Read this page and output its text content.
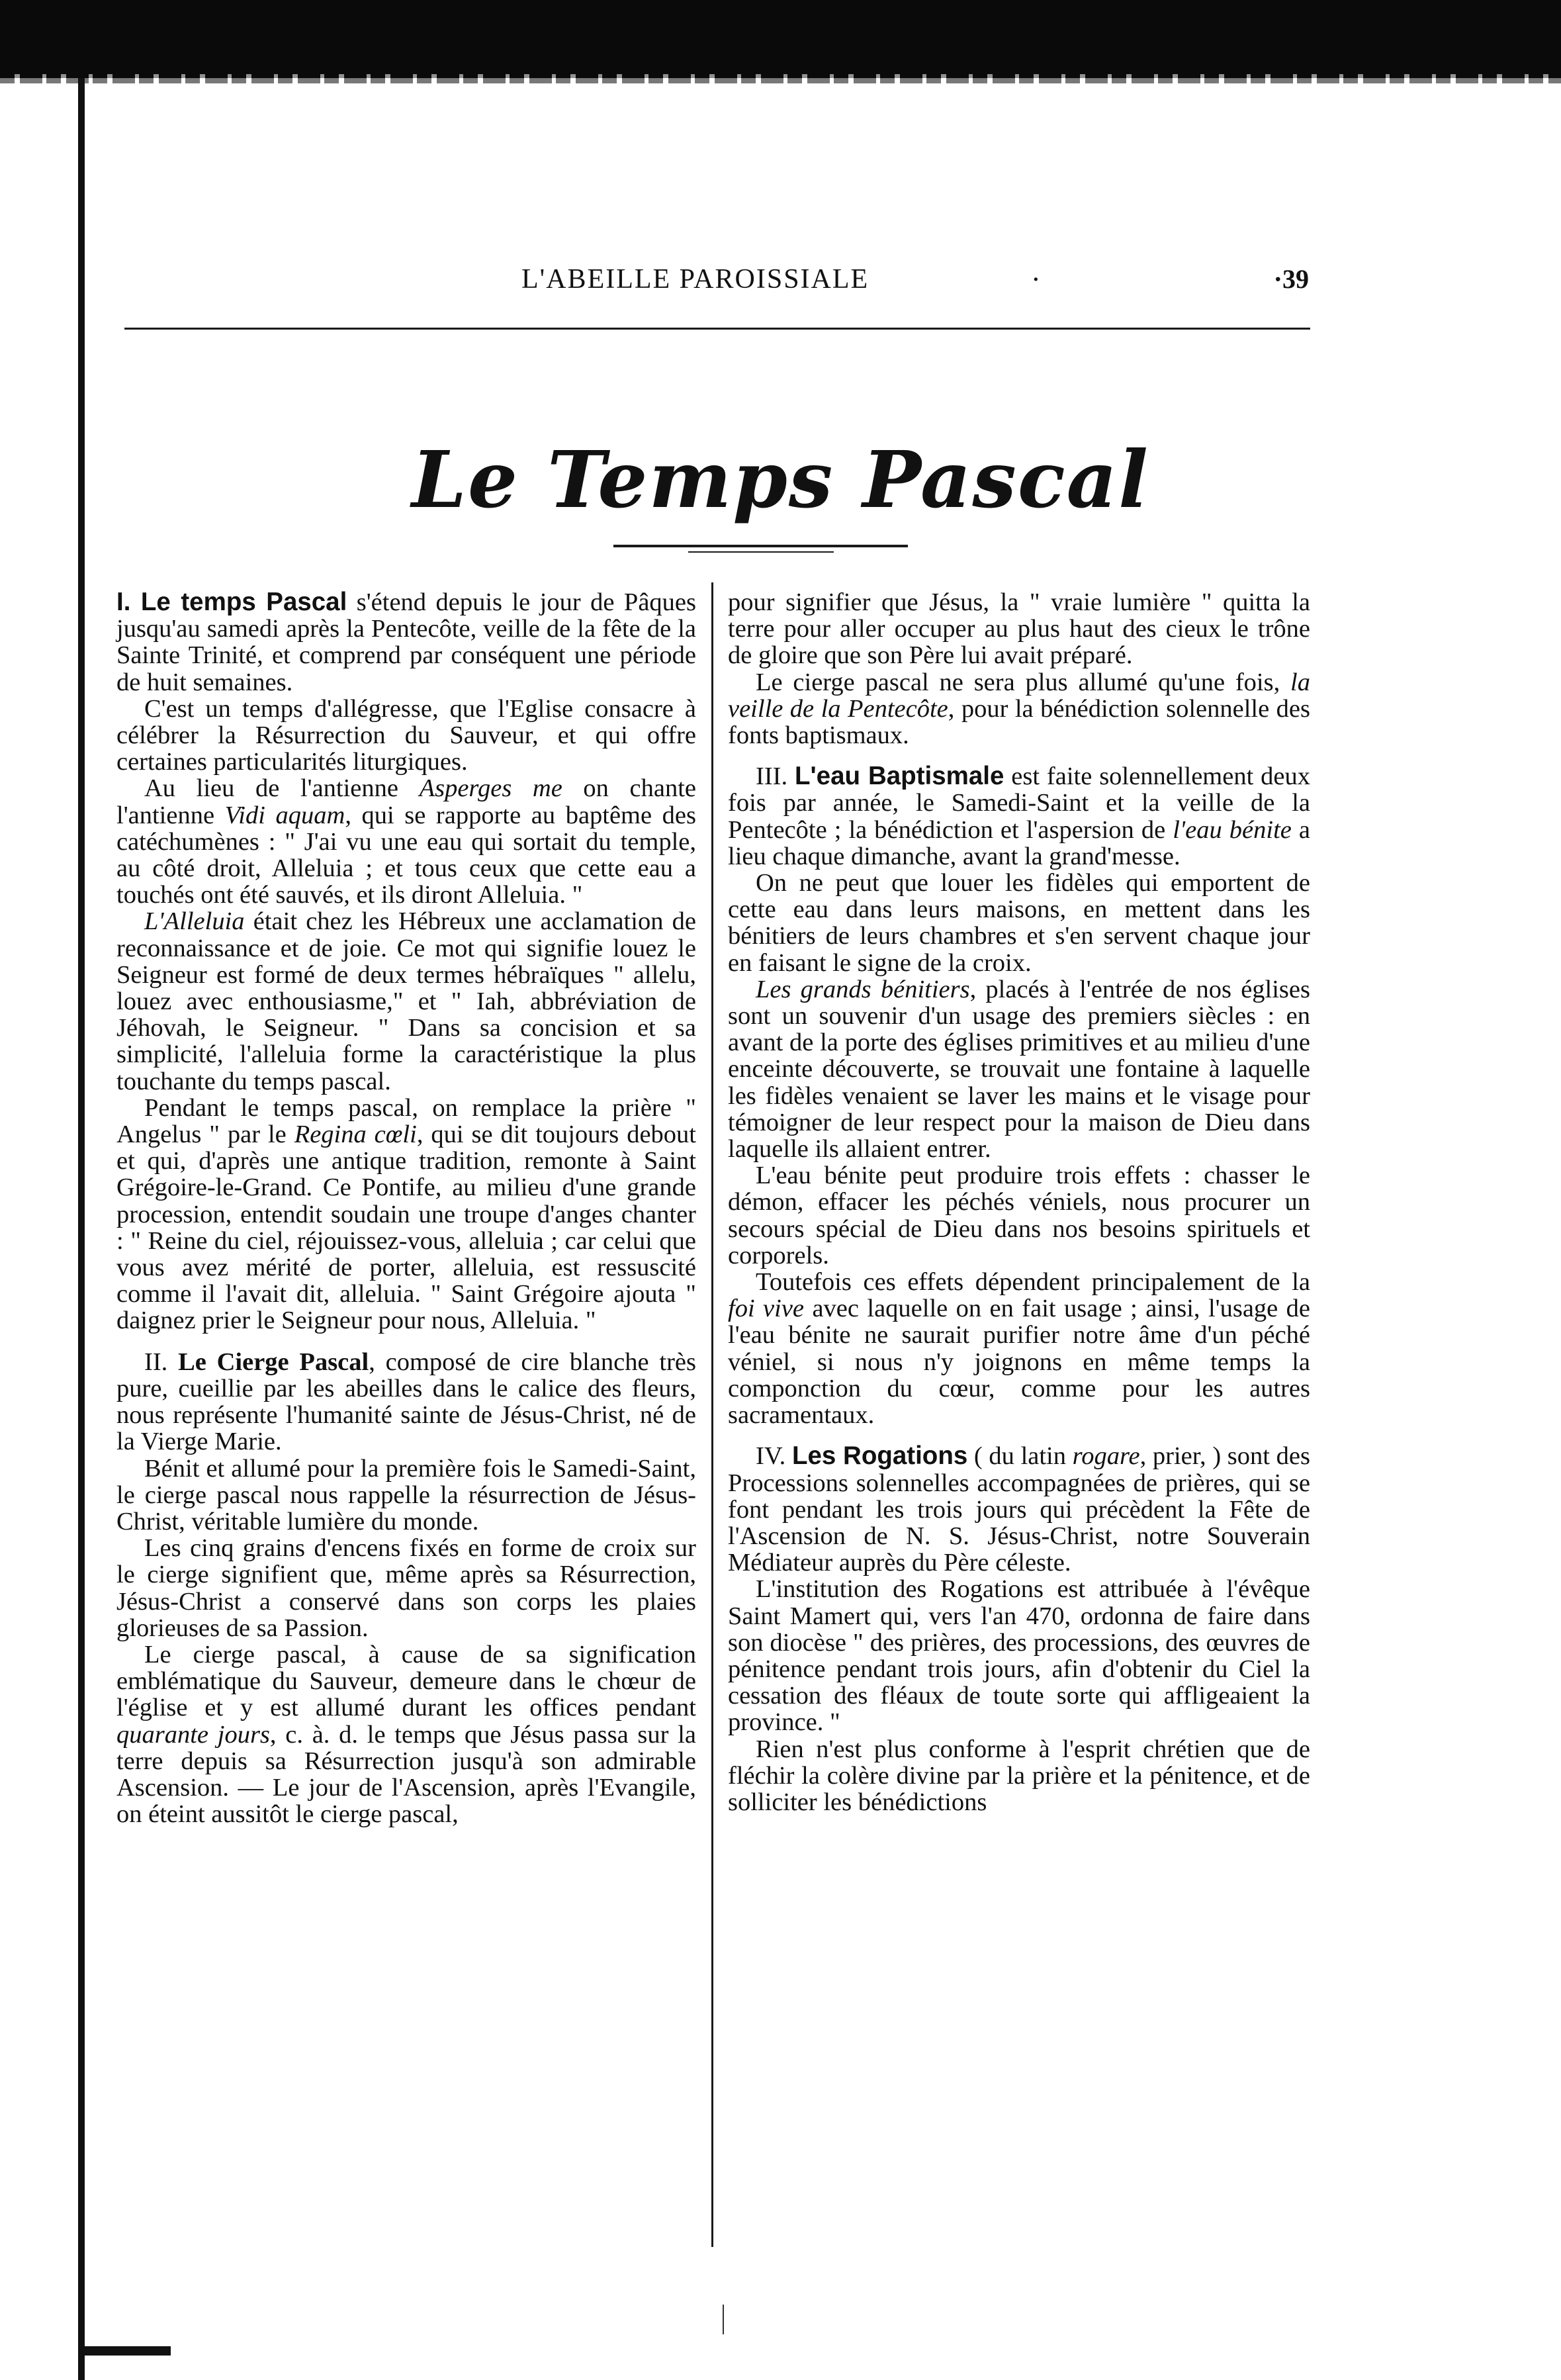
L'ABEILLE PAROISSIALE	·	·39
Le Temps Pascal

I. Le temps Pascal s'étend depuis le jour de Pâques jusqu'au samedi après la Pentecôte, veille de la fête de la Sainte Trinité, et comprend par conséquent une période de huit semaines.

C'est un temps d'allégresse, que l'Eglise consacre à célébrer la Résurrection du Sauveur, et qui offre certaines particularités liturgiques.

Au lieu de l'antienne Asperges me on chante l'antienne Vidi aquam, qui se rapporte au baptême des catéchumènes : " J'ai vu une eau qui sortait du temple, au côté droit, Alleluia ; et tous ceux que cette eau a touchés ont été sauvés, et ils diront Alleluia. "

L'Alleluia était chez les Hébreux une acclamation de reconnaissance et de joie. Ce mot qui signifie louez le Seigneur est formé de deux termes hébraïques " allelu, louez avec enthousiasme," et " Iah, abbréviation de Jéhovah, le Seigneur. " Dans sa concision et sa simplicité, l'alleluia forme la caractéristique la plus touchante du temps pascal.

Pendant le temps pascal, on remplace la prière " Angelus " par le Regina cœli, qui se dit toujours debout et qui, d'après une antique tradition, remonte à Saint Grégoire-le-Grand. Ce Pontife, au milieu d'une grande procession, entendit soudain une troupe d'anges chanter : " Reine du ciel, réjouissez-vous, alleluia ; car celui que vous avez mérité de porter, alleluia, est ressuscité comme il l'avait dit, alleluia. " Saint Grégoire ajouta " daignez prier le Seigneur pour nous, Alleluia. "

II. Le Cierge Pascal, composé de cire blanche très pure, cueillie par les abeilles dans le calice des fleurs, nous représente l'humanité sainte de Jésus-Christ, né de la Vierge Marie.

Bénit et allumé pour la première fois le Samedi-Saint, le cierge pascal nous rappelle la résurrection de Jésus-Christ, véritable lumière du monde.

Les cinq grains d'encens fixés en forme de croix sur le cierge signifient que, même après sa Résurrection, Jésus-Christ a conservé dans son corps les plaies glorieuses de sa Passion.

Le cierge pascal, à cause de sa signification emblématique du Sauveur, demeure dans le chœur de l'église et y est allumé durant les offices pendant quarante jours, c. à. d. le temps que Jésus passa sur la terre depuis sa Résurrection jusqu'à son admirable Ascension. — Le jour de l'Ascension, après l'Evangile, on éteint aussitôt le cierge pascal,

pour signifier que Jésus, la " vraie lumière " quitta la terre pour aller occuper au plus haut des cieux le trône de gloire que son Père lui avait préparé.

Le cierge pascal ne sera plus allumé qu'une fois, la veille de la Pentecôte, pour la bénédiction solennelle des fonts baptismaux.

III. L'eau Baptismale est faite solennellement deux fois par année, le Samedi-Saint et la veille de la Pentecôte ; la bénédiction et l'aspersion de l'eau bénite a lieu chaque dimanche, avant la grand'messe.

On ne peut que louer les fidèles qui emportent de cette eau dans leurs maisons, en mettent dans les bénitiers de leurs chambres et s'en servent chaque jour en faisant le signe de la croix.

Les grands bénitiers, placés à l'entrée de nos églises sont un souvenir d'un usage des premiers siècles : en avant de la porte des églises primitives et au milieu d'une enceinte découverte, se trouvait une fontaine à laquelle les fidèles venaient se laver les mains et le visage pour témoigner de leur respect pour la maison de Dieu dans laquelle ils allaient entrer.

L'eau bénite peut produire trois effets : chasser le démon, effacer les péchés véniels, nous procurer un secours spécial de Dieu dans nos besoins spirituels et corporels.

Toutefois ces effets dépendent principalement de la foi vive avec laquelle on en fait usage ; ainsi, l'usage de l'eau bénite ne saurait purifier notre âme d'un péché véniel, si nous n'y joignons en même temps la componction du cœur, comme pour les autres sacramentaux.

IV. Les Rogations ( du latin rogare, prier, ) sont des Processions solennelles accompagnées de prières, qui se font pendant les trois jours qui précèdent la Fête de l'Ascension de N. S. Jésus-Christ, notre Souverain Médiateur auprès du Père céleste.

L'institution des Rogations est attribuée à l'évêque Saint Mamert qui, vers l'an 470, ordonna de faire dans son diocèse " des prières, des processions, des œuvres de pénitence pendant trois jours, afin d'obtenir du Ciel la cessation des fléaux de toute sorte qui affligeaient la province. "

Rien n'est plus conforme à l'esprit chrétien que de fléchir la colère divine par la prière et la pénitence, et de solliciter les bénédictions
